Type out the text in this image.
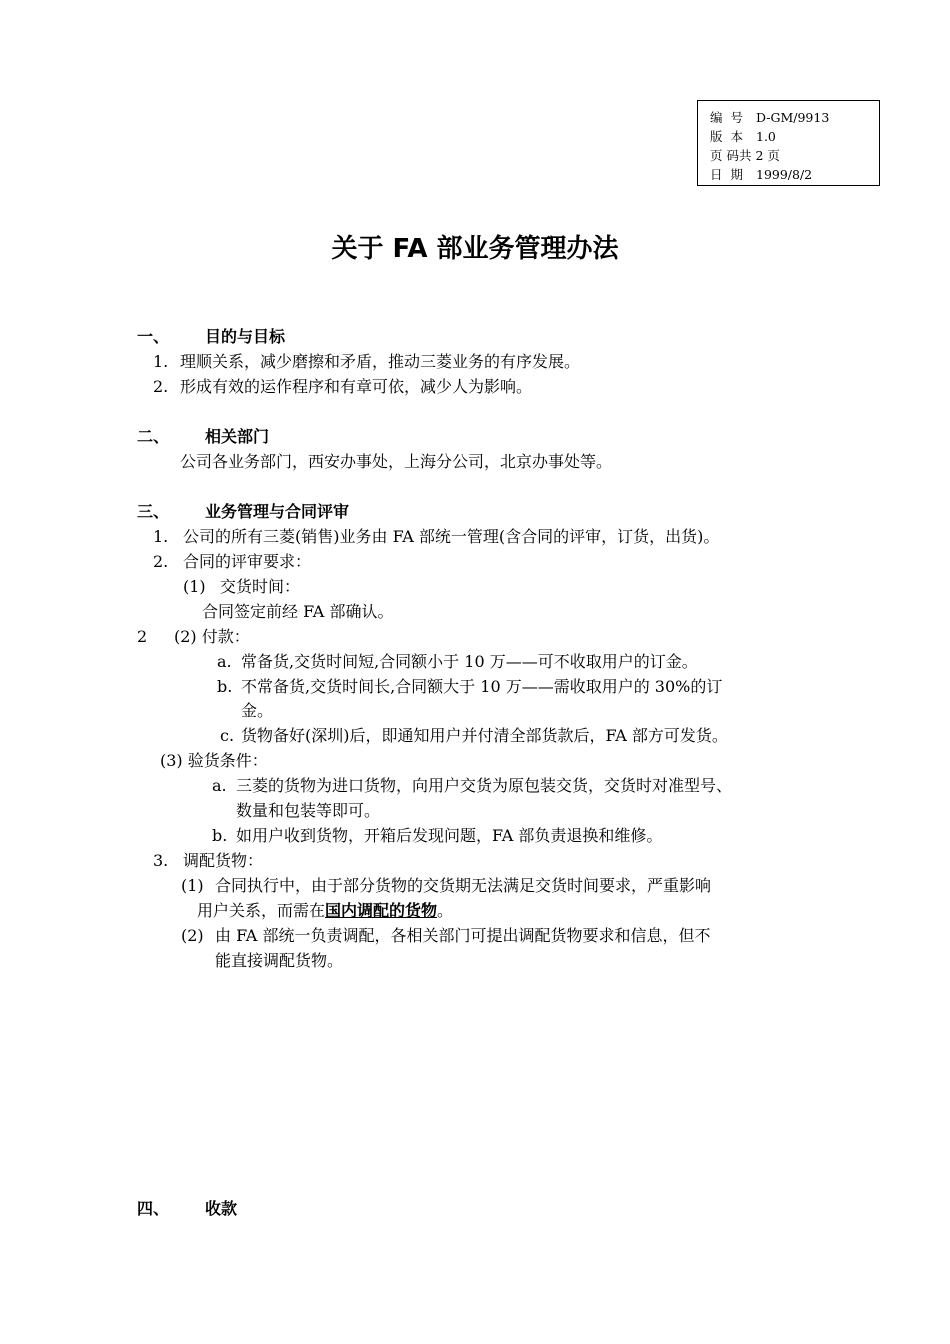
编 号 D-GM/9913
版 本 1.0
页 码共 2 页
日 期 1999/8/2
关于 FA 部业务管理办法
一、 目的与目标
1. 理顺关系，减少磨擦和矛盾，推动三菱业务的有序发展。
2. 形成有效的运作程序和有章可依，减少人为影响。
二、 相关部门
公司各业务部门，西安办事处，上海分公司，北京办事处等。
三、 业务管理与合同评审
1. 公司的所有三菱(销售)业务由 FA 部统一管理(含合同的评审，订货，出货)。
2. 合同的评审要求：
(1) 交货时间：
合同签定前经 FA 部确认。
2 (2) 付款：
a. 常备货,交货时间短,合同额小于 10 万——可不收取用户的订金。
b. 不常备货,交货时间长,合同额大于 10 万——需收取用户的 30%的订
金。
c. 货物备好(深圳)后，即通知用户并付清全部货款后，FA 部方可发货。
(3) 验货条件：
a. 三菱的货物为进口货物，向用户交货为原包装交货，交货时对准型号、
数量和包装等即可。
b. 如用户收到货物，开箱后发现问题，FA 部负责退换和维修。
3. 调配货物：
(1) 合同执行中，由于部分货物的交货期无法满足交货时间要求，严重影响
用户关系，而需在国内调配的货物。
(2) 由 FA 部统一负责调配，各相关部门可提出调配货物要求和信息，但不
能直接调配货物。
四、 收款
